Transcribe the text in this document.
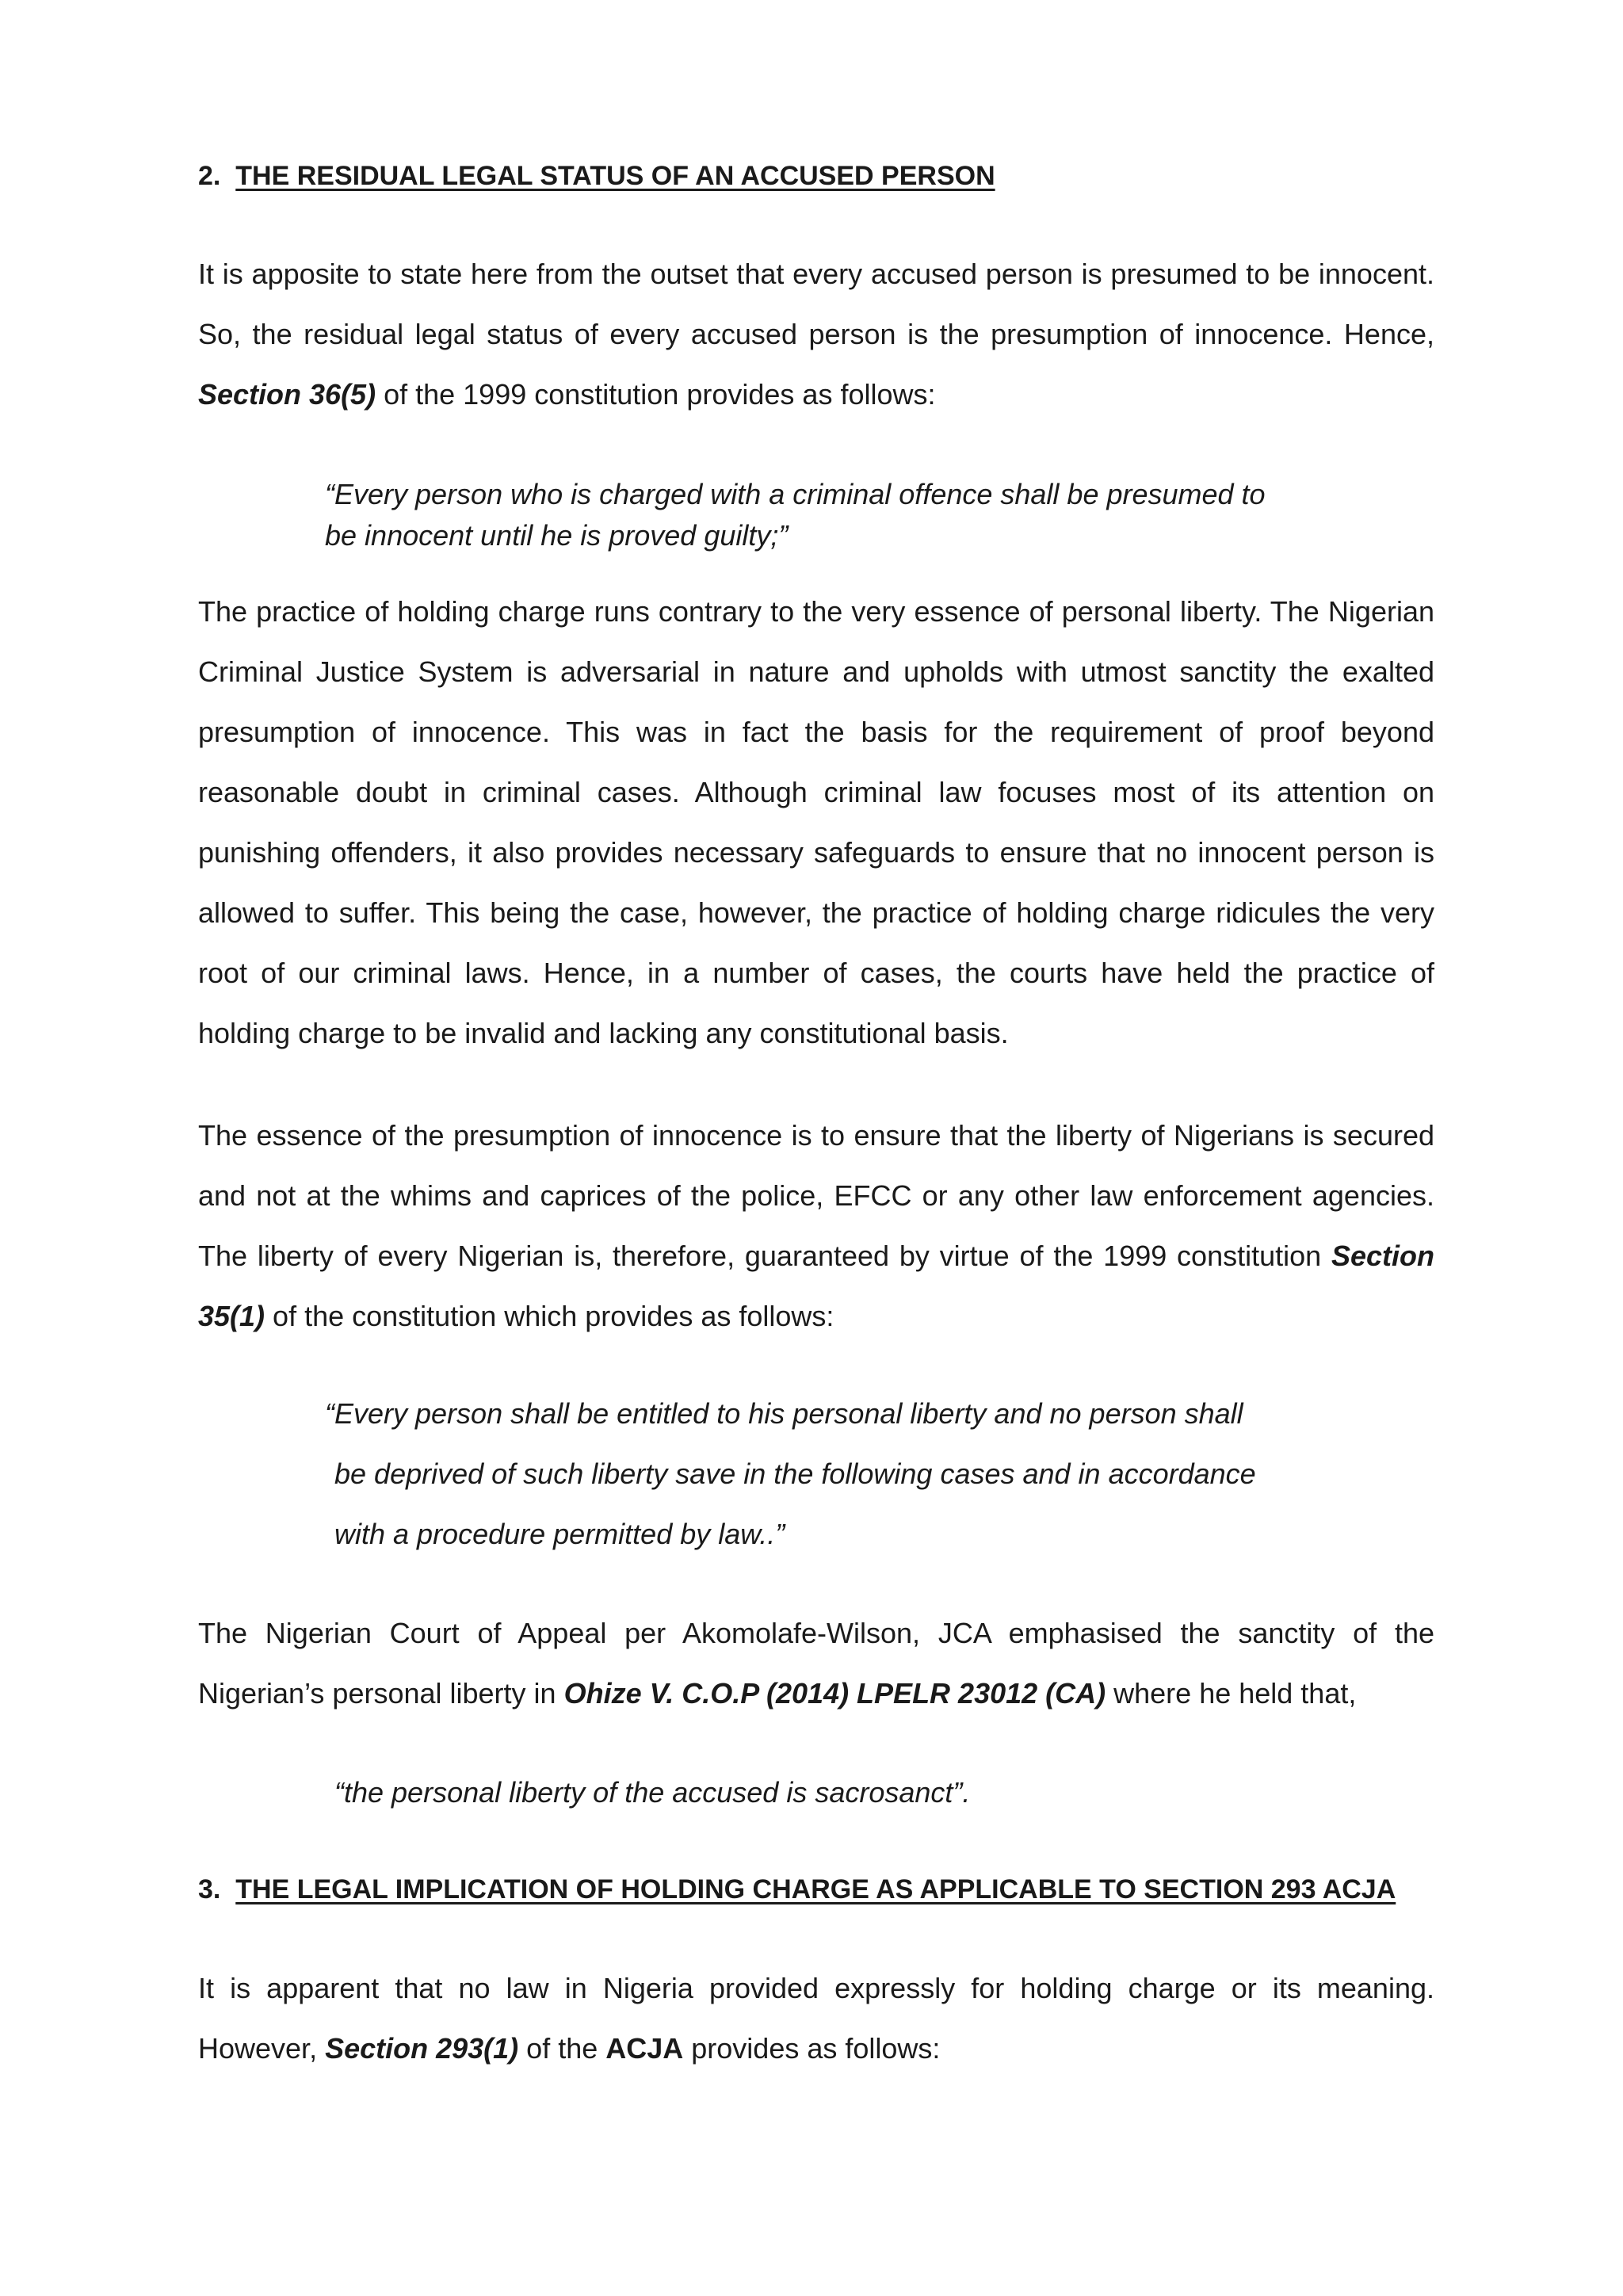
2. THE RESIDUAL LEGAL STATUS OF AN ACCUSED PERSON

It is apposite to state here from the outset that every accused person is presumed to be innocent. So, the residual legal status of every accused person is the presumption of innocence. Hence, Section 36(5) of the 1999 constitution provides as follows:

“Every person who is charged with a criminal offence shall be presumed to
be innocent until he is proved guilty;”

The practice of holding charge runs contrary to the very essence of personal liberty. The Nigerian Criminal Justice System is adversarial in nature and upholds with utmost sanctity the exalted presumption of innocence. This was in fact the basis for the requirement of proof beyond reasonable doubt in criminal cases. Although criminal law focuses most of its attention on punishing offenders, it also provides necessary safeguards to ensure that no innocent person is allowed to suffer. This being the case, however, the practice of holding charge ridicules the very root of our criminal laws. Hence, in a number of cases, the courts have held the practice of holding charge to be invalid and lacking any constitutional basis.

The essence of the presumption of innocence is to ensure that the liberty of Nigerians is secured and not at the whims and caprices of the police, EFCC or any other law enforcement agencies. The liberty of every Nigerian is, therefore, guaranteed by virtue of the 1999 constitution Section 35(1) of the constitution which provides as follows:

“Every person shall be entitled to his personal liberty and no person shall
be deprived of such liberty save in the following cases and in accordance
with a procedure permitted by law..”

The Nigerian Court of Appeal per Akomolafe-Wilson, JCA emphasised the sanctity of the Nigerian’s personal liberty in Ohize V. C.O.P (2014) LPELR 23012 (CA) where he held that,

“the personal liberty of the accused is sacrosanct”.
3. THE LEGAL IMPLICATION OF HOLDING CHARGE AS APPLICABLE TO SECTION 293 ACJA

It is apparent that no law in Nigeria provided expressly for holding charge or its meaning. However, Section 293(1) of the ACJA provides as follows:
